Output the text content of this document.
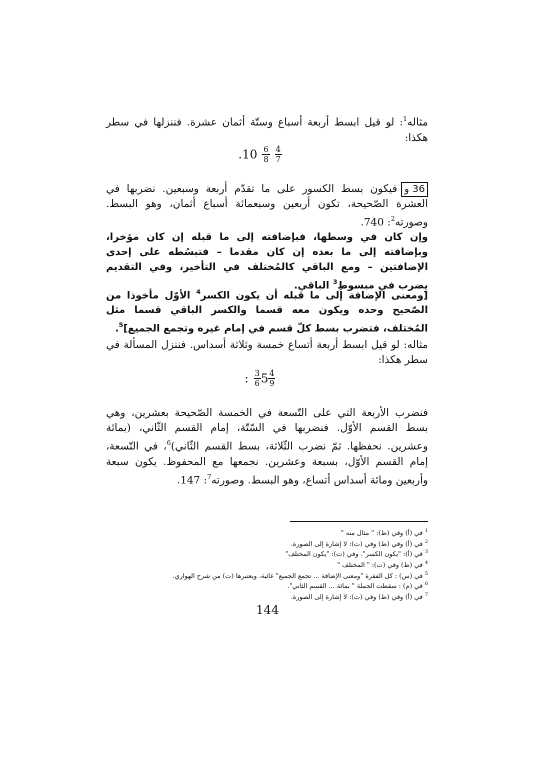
مثاله$^1$: لو قيل ابسط أربعة أسباع وستّة أثمان عشرة. فننزلها في سطر هكذا:
$.10 \frac{6}{8}$
$\frac{4}{7}$
36 وفيكون بسط الكسور على ما تقدّم أربعة وسبعين. نضربها في العشرة الصّحيحة، تكون أربعين وسبعمائة أسباع أثمان، وهو البسط. وصورته$^2$: 740.
وإن كان في وسطها، فبإضافته إلى ما قبله إن كان مؤخرا، وبإضافته إلى ما بعده إن كان مقدما – فتبسُطه على إحدى الإضافتين – ومع الباقي كالمُختلف في التأخير، وفي التقديم يضرب في مبسوطِ$^3$ الباقي.
[ومعنى الإضافة إلى ما قبله أن يكون الكسر$^4$ الأوّل مأخوذا من الصّحيح وحده ويكون معه قسما والكسر الباقي قسما مثل المُختلف، فتضرب بسط كلّ قسم في إمام غيره وتجمع الجميع]$^5$.
مثاله: لو قيل ابسط أربعة أتساع خمسة وثلاثة أسداس. فننزل المسألة في سطر هكذا:
: $\frac{3}{6} 5 \frac{4}{9}$
فنضرب الأربعة التي على التّسعة في الخمسة الصّحيحة بعشرين، وهي بسط القسم الأوّل. فنضربها في السّتّة، إمام القسم الثّاني، (بمائة وعشرين. نحفظها. ثمّ نضرب الثّلاثة، بسط القسم الثّاني)$^6$، في التّسعة، إمام القسم الأوّل، بسبعة وعشرين. نجمعها مع المحفوظ. يكون سبعة وأربعين ومائة أسداس أتساع، وهو البسط. وصورته$^7$: 147.
$^1$ في (أ) وفي (ط): " مثال منه "
$^2$ في (أ) وفي (ط) وفي (ت): لا إشارة إلى الصورة.
$^3$ في (أ): "يكون الكسر". وفي (ت): "يكون المختلف"
$^4$ في (ط) وفي (ت): " المختلف "
$^5$ في (س) : كل الفقرة "ومعنى الإضافة ... تجمع الجميع" غائبة، ويعتبرها (ت) من شرح الهواري.
$^6$ في (م) : سقطت الجملة " بمائة ... القسم الثاني".
$^7$ في (أ) وفي (ط) وفي (ت): لا إشارة إلى الصورة.
144
